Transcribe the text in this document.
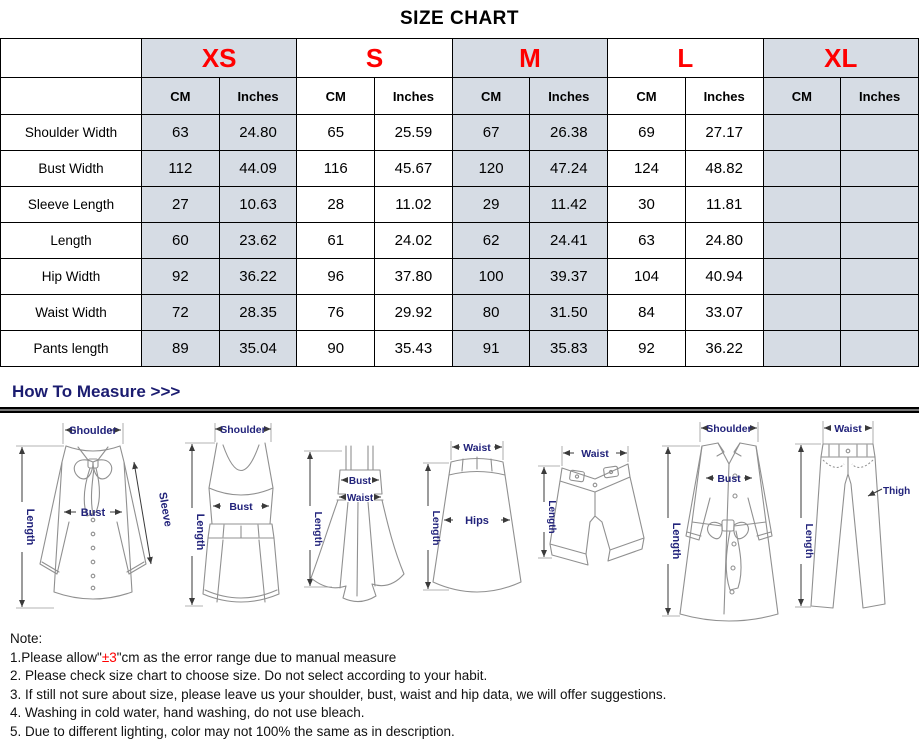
SIZE CHART
	XS		S		M		L		XL	
	CM	Inches	CM	Inches	CM	Inches	CM	Inches	CM	Inches
Shoulder Width	63	24.80	65	25.59	67	26.38	69	27.17		
Bust Width	112	44.09	116	45.67	120	47.24	124	48.82		
Sleeve Length	27	10.63	28	11.02	29	11.42	30	11.81		
Length	60	23.62	61	24.02	62	24.41	63	24.80		
Hip Width	92	36.22	96	37.80	100	39.37	104	40.94		
Waist Width	72	28.35	76	29.92	80	31.50	84	33.07		
Pants length	89	35.04	90	35.43	91	35.83	92	36.22		
How To Measure >>>
Shoulder
Length	Bust	Sleeve
Shoulder
Length
Bust
Length
Bust
Waist
Waist
Hips
Length
Waist
Length
Shoulder
Bust
Length
Waist
Thigh
Length
Note:
1.Please allow"±3"cm as the error range due to manual measure
2. Please check size chart to choose size. Do not select according to your habit.
3. If still not sure about size, please leave us your shoulder, bust, waist and hip data, we will offer suggestions.
4. Washing in cold water, hand washing, do not use bleach.
5. Due to different lighting, color may not 100% the same as in description.
